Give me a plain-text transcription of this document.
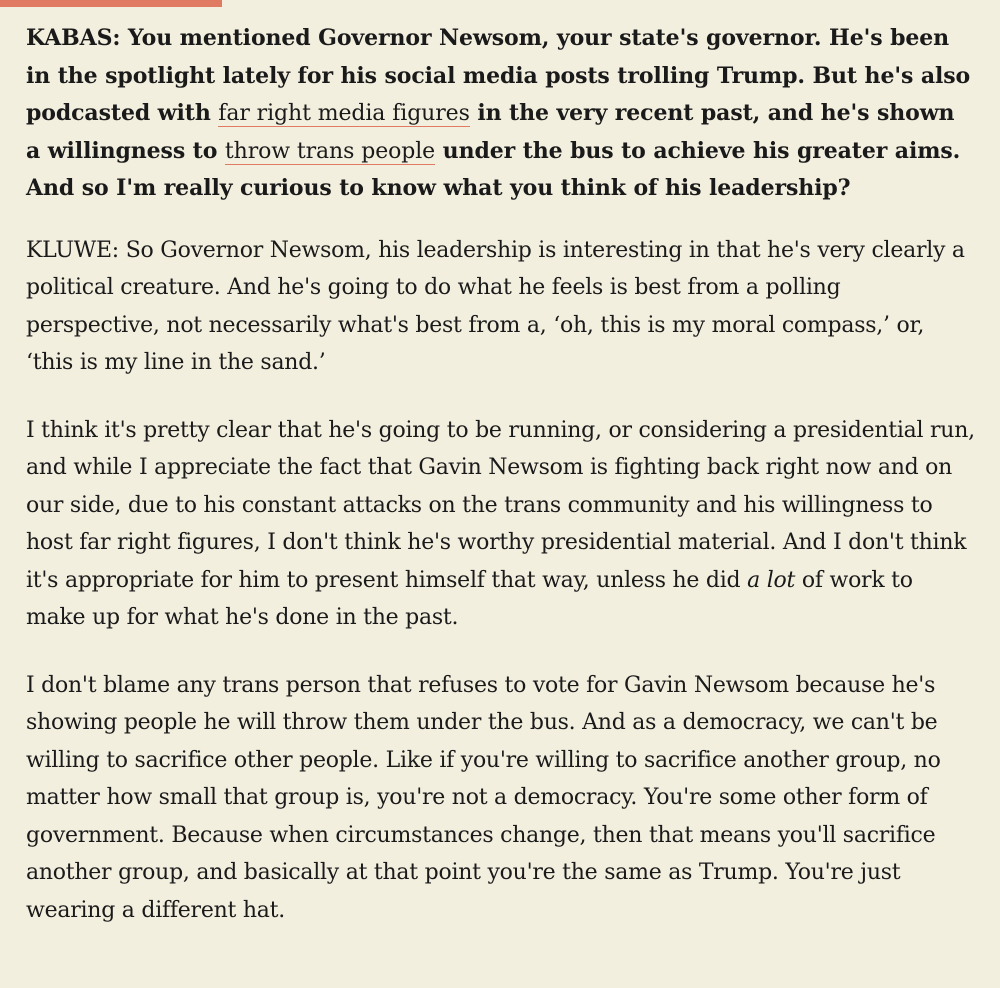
KABAS: You mentioned Governor Newsom, your state's governor. He's been in the spotlight lately for his social media posts trolling Trump. But he's also podcasted with far right media figures in the very recent past, and he's shown a willingness to throw trans people under the bus to achieve his greater aims. And so I'm really curious to know what you think of his leadership?

KLUWE: So Governor Newsom, his leadership is interesting in that he's very clearly a political creature. And he's going to do what he feels is best from a polling perspective, not necessarily what's best from a, ‘oh, this is my moral compass,’ or, ‘this is my line in the sand.’

I think it's pretty clear that he's going to be running, or considering a presidential run, and while I appreciate the fact that Gavin Newsom is fighting back right now and on our side, due to his constant attacks on the trans community and his willingness to host far right figures, I don't think he's worthy presidential material. And I don't think it's appropriate for him to present himself that way, unless he did a lot of work to make up for what he's done in the past.

I don't blame any trans person that refuses to vote for Gavin Newsom because he's showing people he will throw them under the bus. And as a democracy, we can't be willing to sacrifice other people. Like if you're willing to sacrifice another group, no matter how small that group is, you're not a democracy. You're some other form of government. Because when circumstances change, then that means you'll sacrifice another group, and basically at that point you're the same as Trump. You're just wearing a different hat.
